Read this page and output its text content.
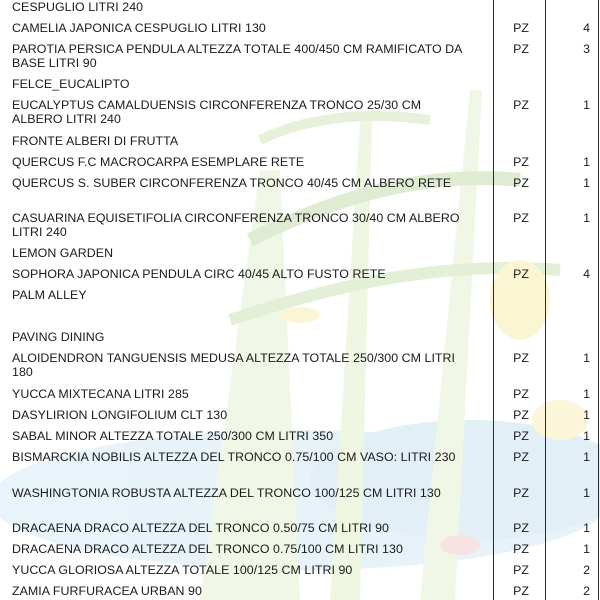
CESPUGLIO LITRI 240
CAMELIA JAPONICA CESPUGLIO LITRI 130	PZ	4
PAROTIA PERSICA PENDULA ALTEZZA TOTALE 400/450 CM RAMIFICATO DA BASE LITRI 90
PZ	3
FELCE_EUCALIPTO
EUCALYPTUS CAMALDUENSIS CIRCONFERENZA TRONCO 25/30 CM ALBERO LITRI 240
PZ	1
FRONTE ALBERI DI FRUTTA
QUERCUS F.C MACROCARPA ESEMPLARE RETE	PZ	1
QUERCUS S. SUBER CIRCONFERENZA TRONCO 40/45 CM ALBERO RETE	PZ	1
CASUARINA EQUISETIFOLIA CIRCONFERENZA TRONCO 30/40 CM ALBERO LITRI 240
PZ	1
LEMON GARDEN
SOPHORA JAPONICA PENDULA CIRC 40/45 ALTO FUSTO RETE	PZ	4
PALM ALLEY
PAVING DINING
ALOIDENDRON TANGUENSIS MEDUSA ALTEZZA TOTALE 250/300 CM LITRI 180
PZ	1
YUCCA MIXTECANA LITRI 285	PZ	1
DASYLIRION LONGIFOLIUM CLT 130	PZ	1
SABAL MINOR ALTEZZA TOTALE 250/300 CM LITRI 350	PZ	1
BISMARCKIA NOBILIS ALTEZZA DEL TRONCO 0.75/100 CM VASO: LITRI 230	PZ	1
WASHINGTONIA ROBUSTA ALTEZZA DEL TRONCO 100/125 CM LITRI 130	PZ	1
DRACAENA DRACO ALTEZZA DEL TRONCO 0.50/75 CM LITRI 90	PZ	1
DRACAENA DRACO ALTEZZA DEL TRONCO 0.75/100 CM LITRI 130	PZ	1
YUCCA GLORIOSA ALTEZZA TOTALE 100/125 CM LITRI 90	PZ	2
ZAMIA FURFURACEA URBAN 90	PZ	2
